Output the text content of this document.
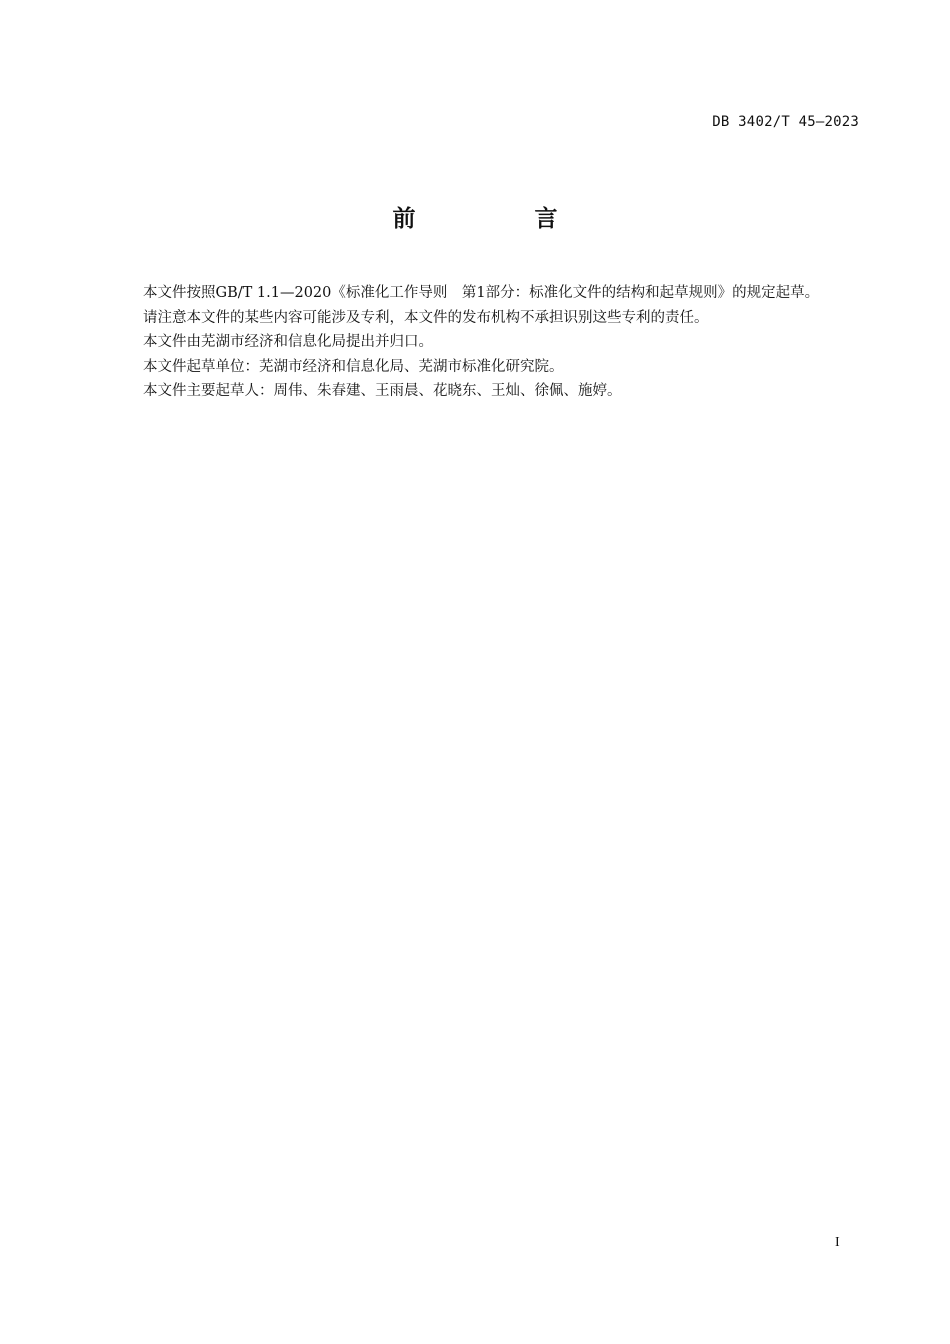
DB 3402/T 45—2023
前　言

本文件按照GB/T 1.1—2020《标准化工作导则　第1部分：标准化文件的结构和起草规则》的规定起草。

请注意本文件的某些内容可能涉及专利，本文件的发布机构不承担识别这些专利的责任。

本文件由芜湖市经济和信息化局提出并归口。

本文件起草单位：芜湖市经济和信息化局、芜湖市标准化研究院。

本文件主要起草人：周伟、朱春建、王雨晨、花晓东、王灿、徐佩、施婷。

I
